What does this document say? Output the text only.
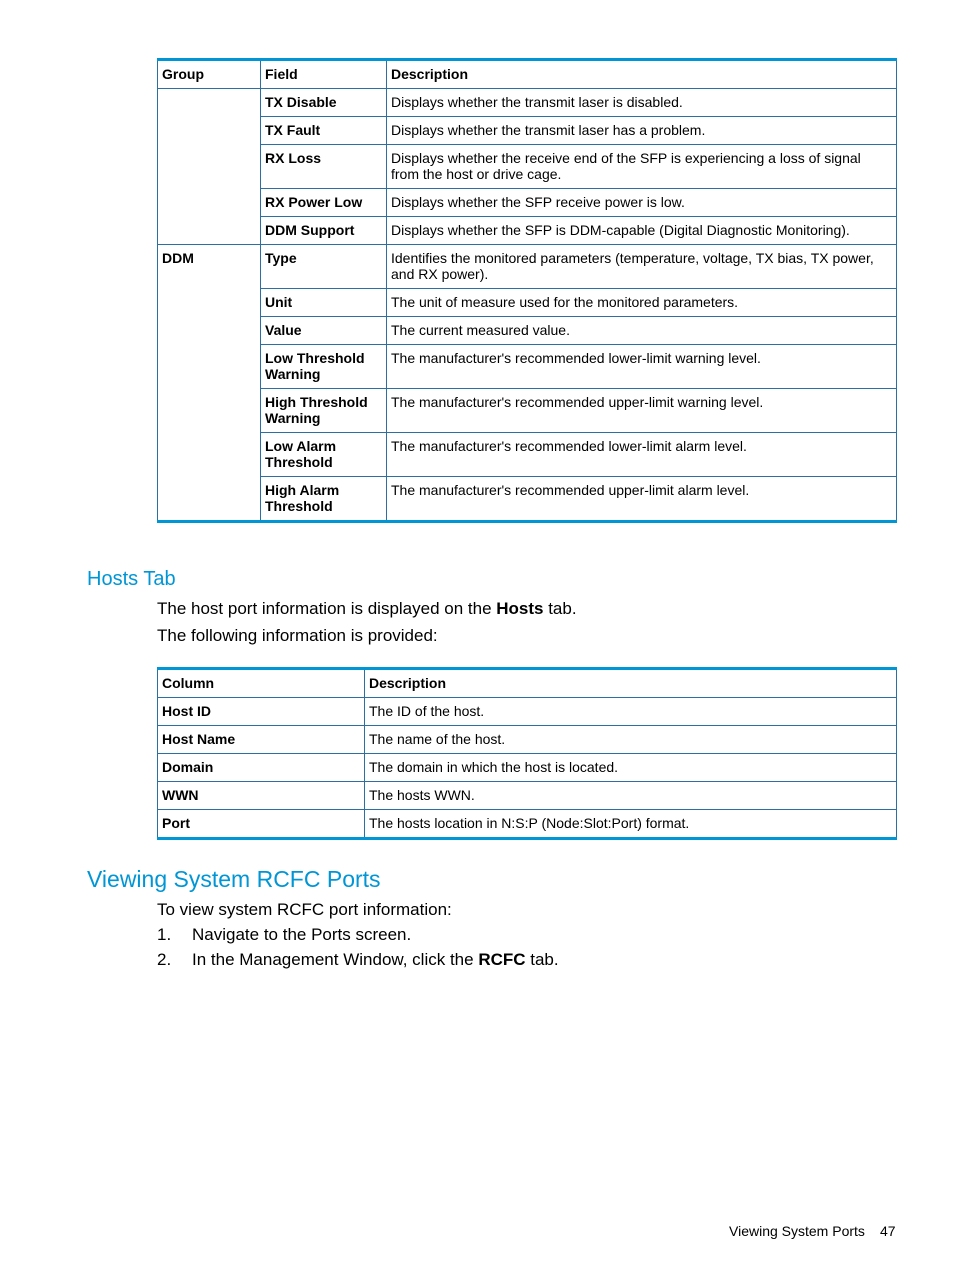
Group	Field	Description
	TX Disable	Displays whether the transmit laser is disabled.
	TX Fault	Displays whether the transmit laser has a problem.
	RX Loss	Displays whether the receive end of the SFP is experiencing a loss of signal from the host or drive cage.
	RX Power Low	Displays whether the SFP receive power is low.
	DDM Support	Displays whether the SFP is DDM-capable (Digital Diagnostic Monitoring).
DDM	Type	Identifies the monitored parameters (temperature, voltage, TX bias, TX power, and RX power).
	Unit	The unit of measure used for the monitored parameters.
	Value	The current measured value.
	Low Threshold Warning	The manufacturer's recommended lower-limit warning level.
	High Threshold Warning	The manufacturer's recommended upper-limit warning level.
	Low Alarm Threshold	The manufacturer's recommended lower-limit alarm level.
	High Alarm Threshold	The manufacturer's recommended upper-limit alarm level.
Hosts Tab

The host port information is displayed on the Hosts tab.

The following information is provided:

Column	Description
Host ID	The ID of the host.
Host Name	The name of the host.
Domain	The domain in which the host is located.
WWN	The hosts WWN.
Port	The hosts location in N:S:P (Node:Slot:Port) format.
Viewing System RCFC Ports

To view system RCFC port information:

1. Navigate to the Ports screen.

2. In the Management Window, click the RCFC tab.

Viewing System Ports 47
